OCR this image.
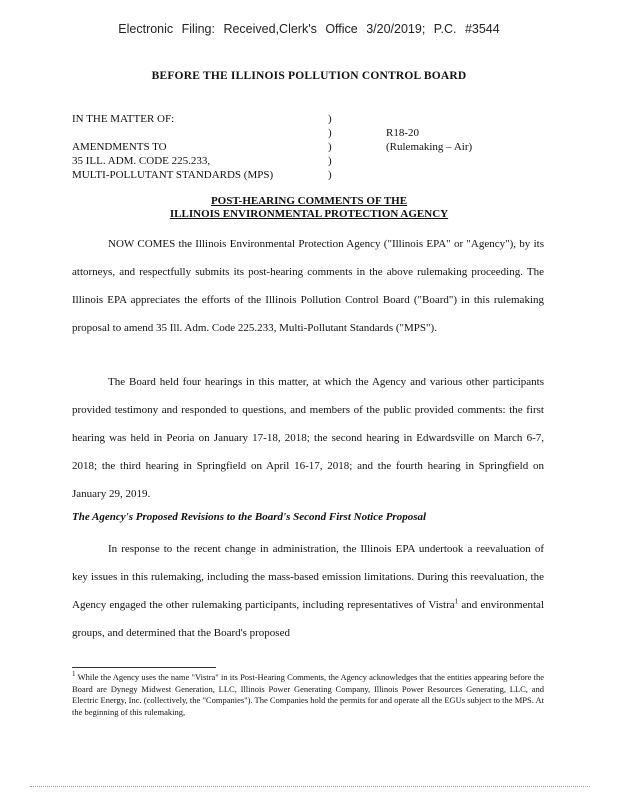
Electronic Filing: Received,Clerk's Office 3/20/2019; P.C. #3544
BEFORE THE ILLINOIS POLLUTION CONTROL BOARD
IN THE MATTER OF:
AMENDMENTS TO
35 ILL. ADM. CODE 225.233,
MULTI-POLLUTANT STANDARDS (MPS)
)
)
)
)
)
R18-20
(Rulemaking – Air)
POST-HEARING COMMENTS OF THE
ILLINOIS ENVIRONMENTAL PROTECTION AGENCY

NOW COMES the Illinois Environmental Protection Agency ("Illinois EPA" or "Agency"), by its attorneys, and respectfully submits its post-hearing comments in the above rulemaking proceeding. The Illinois EPA appreciates the efforts of the Illinois Pollution Control Board ("Board") in this rulemaking proposal to amend 35 Ill. Adm. Code 225.233, Multi-Pollutant Standards ("MPS").

The Board held four hearings in this matter, at which the Agency and various other participants provided testimony and responded to questions, and members of the public provided comments: the first hearing was held in Peoria on January 17-18, 2018; the second hearing in Edwardsville on March 6-7, 2018; the third hearing in Springfield on April 16-17, 2018; and the fourth hearing in Springfield on January 29, 2019.

The Agency's Proposed Revisions to the Board's Second First Notice Proposal

In response to the recent change in administration, the Illinois EPA undertook a reevaluation of key issues in this rulemaking, including the mass-based emission limitations. During this reevaluation, the Agency engaged the other rulemaking participants, including representatives of Vistra$^1$ and environmental groups, and determined that the Board's proposed

$^1$ While the Agency uses the name "Vistra" in its Post-Hearing Comments, the Agency acknowledges that the entities appearing before the Board are Dynegy Midwest Generation, LLC, Illinois Power Generating Company, Illinois Power Resources Generating, LLC, and Electric Energy, Inc. (collectively, the "Companies"). The Companies hold the permits for and operate all the EGUs subject to the MPS. At the beginning of this rulemaking,
